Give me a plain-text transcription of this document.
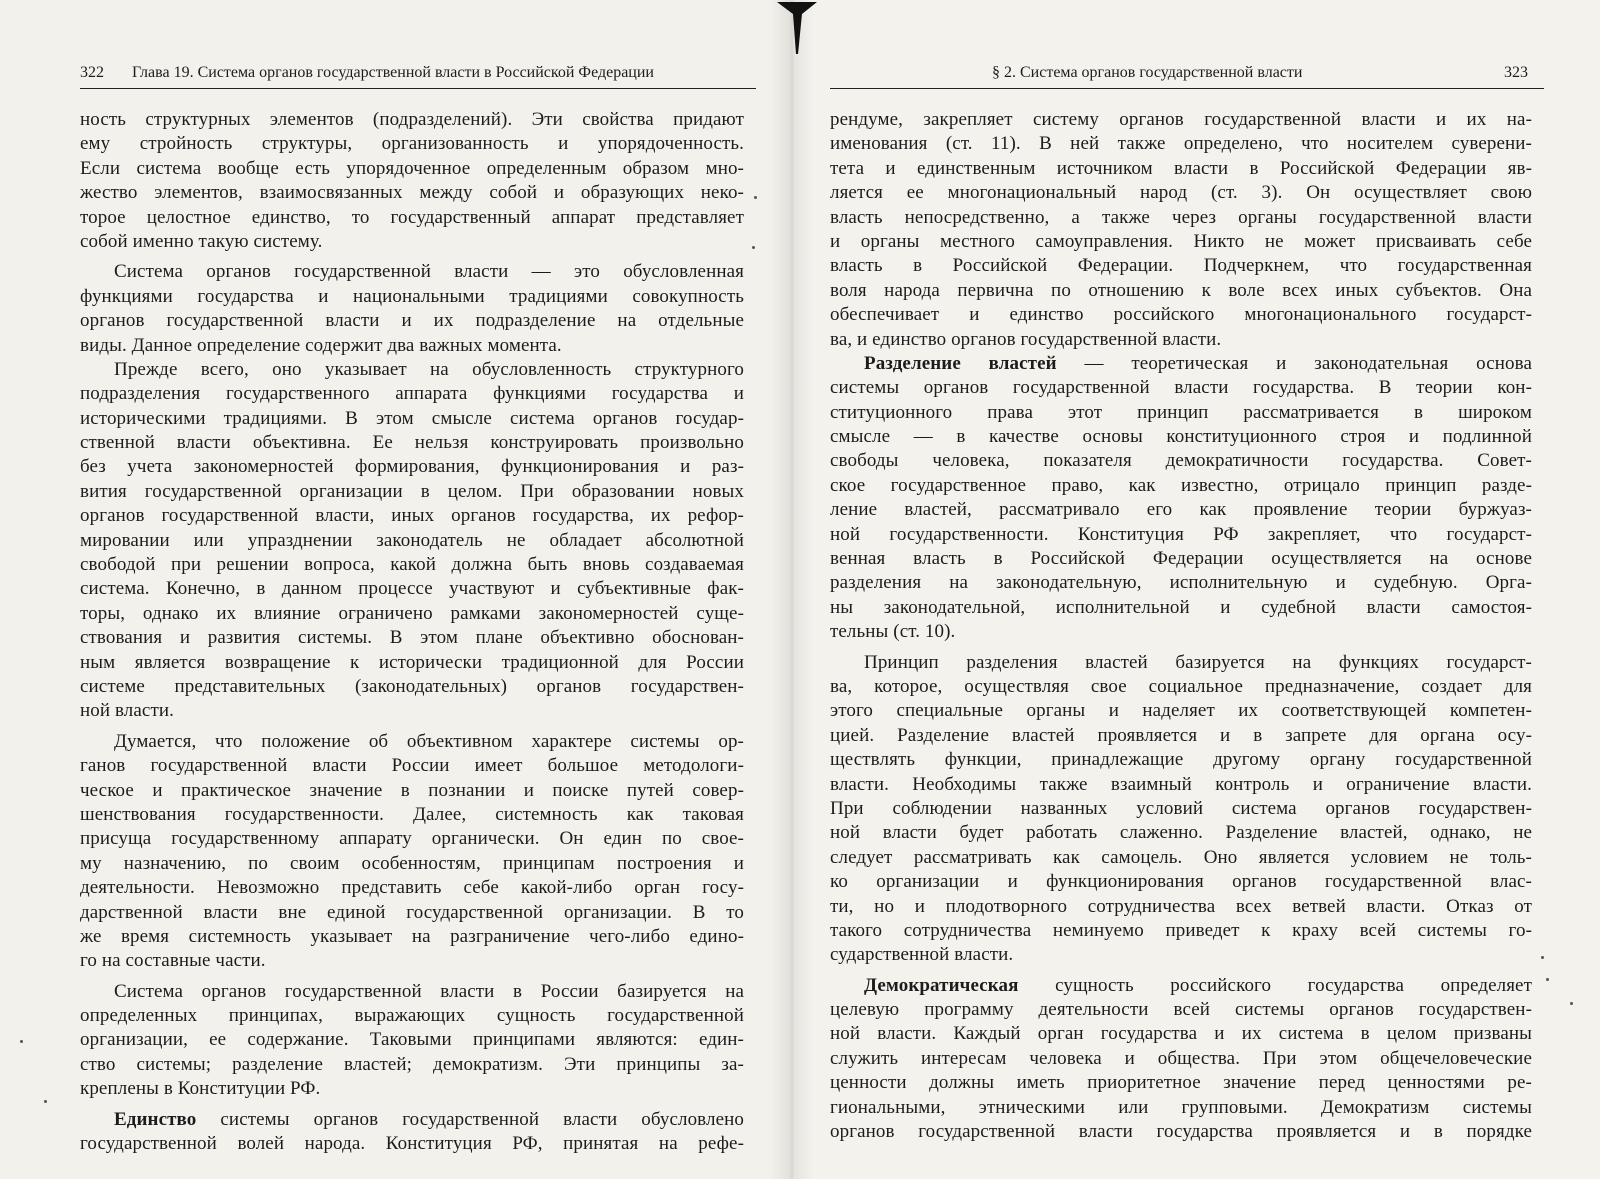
322 Глава 19. Система органов государственной власти в Российской Федерации
ность структурных элементов (подразделений). Эти свойства придают
ему стройность структуры, организованность и упорядоченность.
Если система вообще есть упорядоченное определенным образом мно-
жество элементов, взаимосвязанных между собой и образующих неко-
торое целостное единство, то государственный аппарат представляет
собой именно такую систему.
Система органов государственной власти — это обусловленная
функциями государства и национальными традициями совокупность
органов государственной власти и их подразделение на отдельные
виды. Данное определение содержит два важных момента.
Прежде всего, оно указывает на обусловленность структурного
подразделения государственного аппарата функциями государства и
историческими традициями. В этом смысле система органов государ-
ственной власти объективна. Ее нельзя конструировать произвольно
без учета закономерностей формирования, функционирования и раз-
вития государственной организации в целом. При образовании новых
органов государственной власти, иных органов государства, их рефор-
мировании или упразднении законодатель не обладает абсолютной
свободой при решении вопроса, какой должна быть вновь создаваемая
система. Конечно, в данном процессе участвуют и субъективные фак-
торы, однако их влияние ограничено рамками закономерностей суще-
ствования и развития системы. В этом плане объективно обоснован-
ным является возвращение к исторически традиционной для России
системе представительных (законодательных) органов государствен-
ной власти.
Думается, что положение об объективном характере системы ор-
ганов государственной власти России имеет большое методологи-
ческое и практическое значение в познании и поиске путей совер-
шенствования государственности. Далее, системность как таковая
присуща государственному аппарату органически. Он един по свое-
му назначению, по своим особенностям, принципам построения и
деятельности. Невозможно представить себе какой-либо орган госу-
дарственной власти вне единой государственной организации. В то
же время системность указывает на разграничение чего-либо едино-
го на составные части.
Система органов государственной власти в России базируется на
определенных принципах, выражающих сущность государственной
организации, ее содержание. Таковыми принципами являются: един-
ство системы; разделение властей; демократизм. Эти принципы за-
креплены в Конституции РФ.
Единство системы органов государственной власти обусловлено
государственной волей народа. Конституция РФ, принятая на рефе-
§ 2. Система органов государственной власти	323
рендуме, закрепляет систему органов государственной власти и их на-
именования (ст. 11). В ней также определено, что носителем суверени-
тета и единственным источником власти в Российской Федерации яв-
ляется ее многонациональный народ (ст. 3). Он осуществляет свою
власть непосредственно, а также через органы государственной власти
и органы местного самоуправления. Никто не может присваивать себе
власть в Российской Федерации. Подчеркнем, что государственная
воля народа первична по отношению к воле всех иных субъектов. Она
обеспечивает и единство российского многонационального государст-
ва, и единство органов государственной власти.
Разделение властей — теоретическая и законодательная основа
системы органов государственной власти государства. В теории кон-
ституционного права этот принцип рассматривается в широком
смысле — в качестве основы конституционного строя и подлинной
свободы человека, показателя демократичности государства. Совет-
ское государственное право, как известно, отрицало принцип разде-
ление властей, рассматривало его как проявление теории буржуаз-
ной государственности. Конституция РФ закрепляет, что государст-
венная власть в Российской Федерации осуществляется на основе
разделения на законодательную, исполнительную и судебную. Орга-
ны законодательной, исполнительной и судебной власти самостоя-
тельны (ст. 10).
Принцип разделения властей базируется на функциях государст-
ва, которое, осуществляя свое социальное предназначение, создает для
этого специальные органы и наделяет их соответствующей компетен-
цией. Разделение властей проявляется и в запрете для органа осу-
ществлять функции, принадлежащие другому органу государственной
власти. Необходимы также взаимный контроль и ограничение власти.
При соблюдении названных условий система органов государствен-
ной власти будет работать слаженно. Разделение властей, однако, не
следует рассматривать как самоцель. Оно является условием не толь-
ко организации и функционирования органов государственной влас-
ти, но и плодотворного сотрудничества всех ветвей власти. Отказ от
такого сотрудничества неминуемо приведет к краху всей системы го-
сударственной власти.
Демократическая сущность российского государства определяет
целевую программу деятельности всей системы органов государствен-
ной власти. Каждый орган государства и их система в целом призваны
служить интересам человека и общества. При этом общечеловеческие
ценности должны иметь приоритетное значение перед ценностями ре-
гиональными, этническими или групповыми. Демократизм системы
органов государственной власти государства проявляется и в порядке
